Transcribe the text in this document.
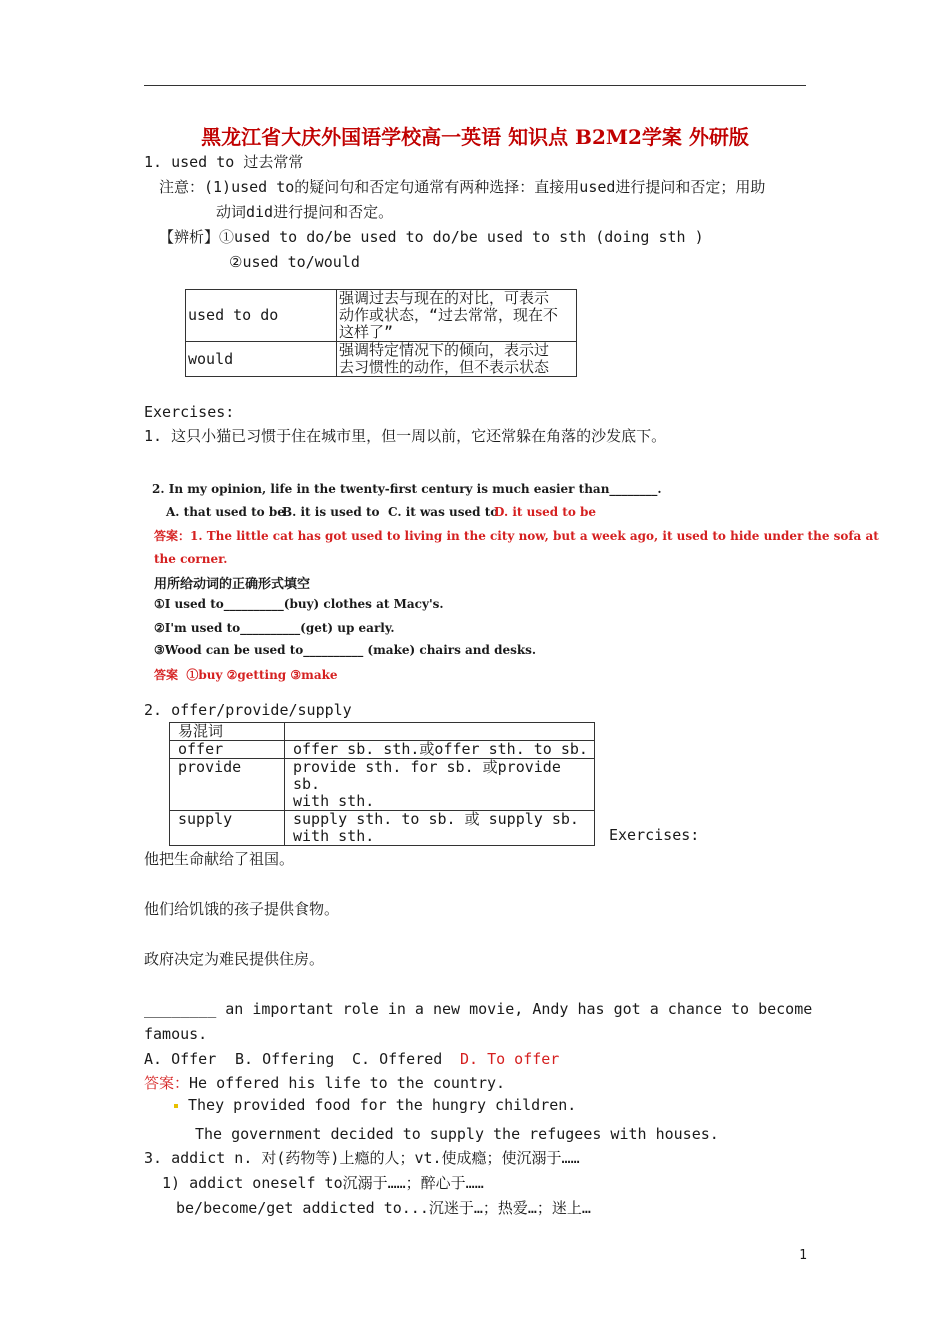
黑龙江省大庆外国语学校高一英语 知识点 B2M2学案 外研版
1. used to 过去常常
注意：(1)used to的疑问句和否定句通常有两种选择：直接用used进行提问和否定；用助
动词did进行提问和否定。
【辨析】①used to do/be used to do/be used to sth (doing sth )
②used to/would
used to do	强调过去与现在的对比，可表示
动作或状态，“过去常常，现在不
这样了”

would	强调特定情况下的倾向，表示过
去习惯性的动作，但不表示状态
Exercises:
1. 这只小猫已习惯于住在城市里，但一周以前，它还常躲在角落的沙发底下。
2. In my opinion, life in the twenty-first century is much easier than________.
A. that used to be
B. it is used to C. it was used to
D. it used to be
答案：1. The little cat has got used to living in the city now, but a week ago, it used to hide under the sofa at
the corner.
用所给动词的正确形式填空
①I used to__________(buy) clothes at Macy's.
②I'm used to__________(get) up early.
③Wood can be used to__________ (make) chairs and desks.
答案 ①buy ②getting ③make
2. offer/provide/supply
易混词	
offer	offer sb. sth.或offer sth. to sb.
provide	provide sth. for sb. 或provide sb.
with sth.

supply	supply sth. to sb. 或 supply sb.
with sth.	Exercises:
他把生命献给了祖国。
他们给饥饿的孩子提供食物。
政府决定为难民提供住房。
________ an important role in a new movie, Andy has got a chance to become
famous.
A. Offer B. Offering C. Offered D. To offer
答案：He offered his life to the country.
They provided food for the hungry children.
The government decided to supply the refugees with houses.
3. addict n. 对(药物等)上瘾的人；vt.使成瘾；使沉溺于……
1) addict oneself to沉溺于……；醉心于……
be/become/get addicted to...沉迷于…；热爱…；迷上…
1
